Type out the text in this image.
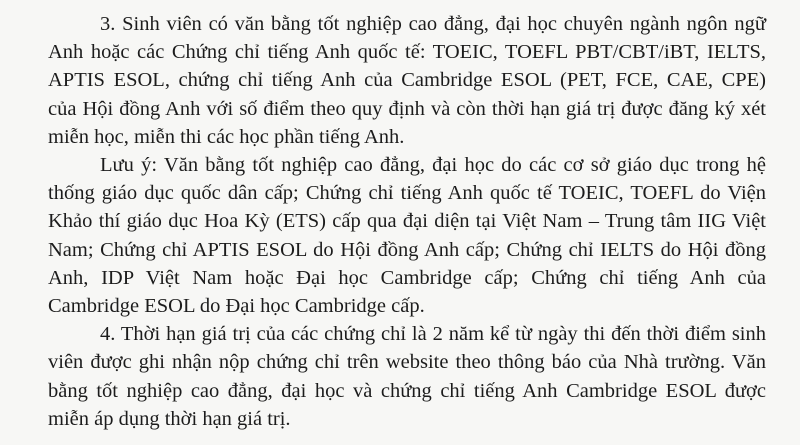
3. Sinh viên có văn bằng tốt nghiệp cao đẳng, đại học chuyên ngành ngôn ngữ
Anh hoặc các Chứng chỉ tiếng Anh quốc tế: TOEIC, TOEFL PBT/CBT/iBT, IELTS,
APTIS ESOL, chứng chỉ tiếng Anh của Cambridge ESOL (PET, FCE, CAE, CPE)
của Hội đồng Anh với số điểm theo quy định và còn thời hạn giá trị được đăng ký xét
miễn học, miễn thi các học phần tiếng Anh.
Lưu ý: Văn bằng tốt nghiệp cao đẳng, đại học do các cơ sở giáo dục trong hệ
thống giáo dục quốc dân cấp; Chứng chỉ tiếng Anh quốc tế TOEIC, TOEFL do Viện
Khảo thí giáo dục Hoa Kỳ (ETS) cấp qua đại diện tại Việt Nam – Trung tâm IIG Việt
Nam; Chứng chỉ APTIS ESOL do Hội đồng Anh cấp; Chứng chỉ IELTS do Hội đồng
Anh, IDP Việt Nam hoặc Đại học Cambridge cấp; Chứng chỉ tiếng Anh của
Cambridge ESOL do Đại học Cambridge cấp.
4. Thời hạn giá trị của các chứng chỉ là 2 năm kể từ ngày thi đến thời điểm sinh
viên được ghi nhận nộp chứng chỉ trên website theo thông báo của Nhà trường. Văn
bằng tốt nghiệp cao đẳng, đại học và chứng chỉ tiếng Anh Cambridge ESOL được
miễn áp dụng thời hạn giá trị.
